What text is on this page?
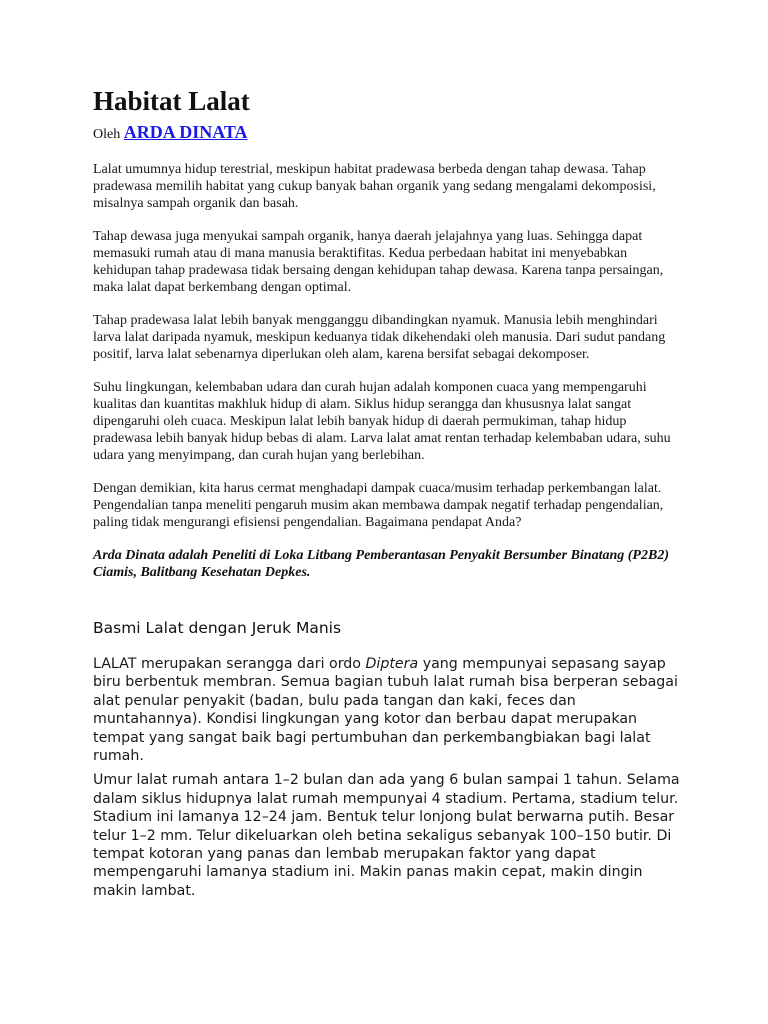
Habitat Lalat
Oleh ARDA DINATA

Lalat umumnya hidup terestrial, meskipun habitat pradewasa berbeda dengan tahap dewasa. Tahap pradewasa memilih habitat yang cukup banyak bahan organik yang sedang mengalami dekomposisi, misalnya sampah organik dan basah.

Tahap dewasa juga menyukai sampah organik, hanya daerah jelajahnya yang luas. Sehingga dapat memasuki rumah atau di mana manusia beraktifitas. Kedua perbedaan habitat ini menyebabkan kehidupan tahap pradewasa tidak bersaing dengan kehidupan tahap dewasa. Karena tanpa persaingan, maka lalat dapat berkembang dengan optimal.

Tahap pradewasa lalat lebih banyak mengganggu dibandingkan nyamuk. Manusia lebih menghindari larva lalat daripada nyamuk, meskipun keduanya tidak dikehendaki oleh manusia. Dari sudut pandang positif, larva lalat sebenarnya diperlukan oleh alam, karena bersifat sebagai dekomposer.

Suhu lingkungan, kelembaban udara dan curah hujan adalah komponen cuaca yang mempengaruhi kualitas dan kuantitas makhluk hidup di alam. Siklus hidup serangga dan khususnya lalat sangat dipengaruhi oleh cuaca. Meskipun lalat lebih banyak hidup di daerah permukiman, tahap hidup pradewasa lebih banyak hidup bebas di alam. Larva lalat amat rentan terhadap kelembaban udara, suhu udara yang menyimpang, dan curah hujan yang berlebihan.

Dengan demikian, kita harus cermat menghadapi dampak cuaca/musim terhadap perkembangan lalat. Pengendalian tanpa meneliti pengaruh musim akan membawa dampak negatif terhadap pengendalian, paling tidak mengurangi efisiensi pengendalian. Bagaimana pendapat Anda?

Arda Dinata adalah Peneliti di Loka Litbang Pemberantasan Penyakit Bersumber Binatang (P2B2) Ciamis, Balitbang Kesehatan Depkes.

Basmi Lalat dengan Jeruk Manis

LALAT merupakan serangga dari ordo Diptera yang mempunyai sepasang sayap biru berbentuk membran. Semua bagian tubuh lalat rumah bisa berperan sebagai alat penular penyakit (badan, bulu pada tangan dan kaki, feces dan muntahannya). Kondisi lingkungan yang kotor dan berbau dapat merupakan tempat yang sangat baik bagi pertumbuhan dan perkembangbiakan bagi lalat rumah.

Umur lalat rumah antara 1–2 bulan dan ada yang 6 bulan sampai 1 tahun. Selama dalam siklus hidupnya lalat rumah mempunyai 4 stadium. Pertama, stadium telur. Stadium ini lamanya 12–24 jam. Bentuk telur lonjong bulat berwarna putih. Besar telur 1–2 mm. Telur dikeluarkan oleh betina sekaligus sebanyak 100–150 butir. Di tempat kotoran yang panas dan lembab merupakan faktor yang dapat mempengaruhi lamanya stadium ini. Makin panas makin cepat, makin dingin makin lambat.
